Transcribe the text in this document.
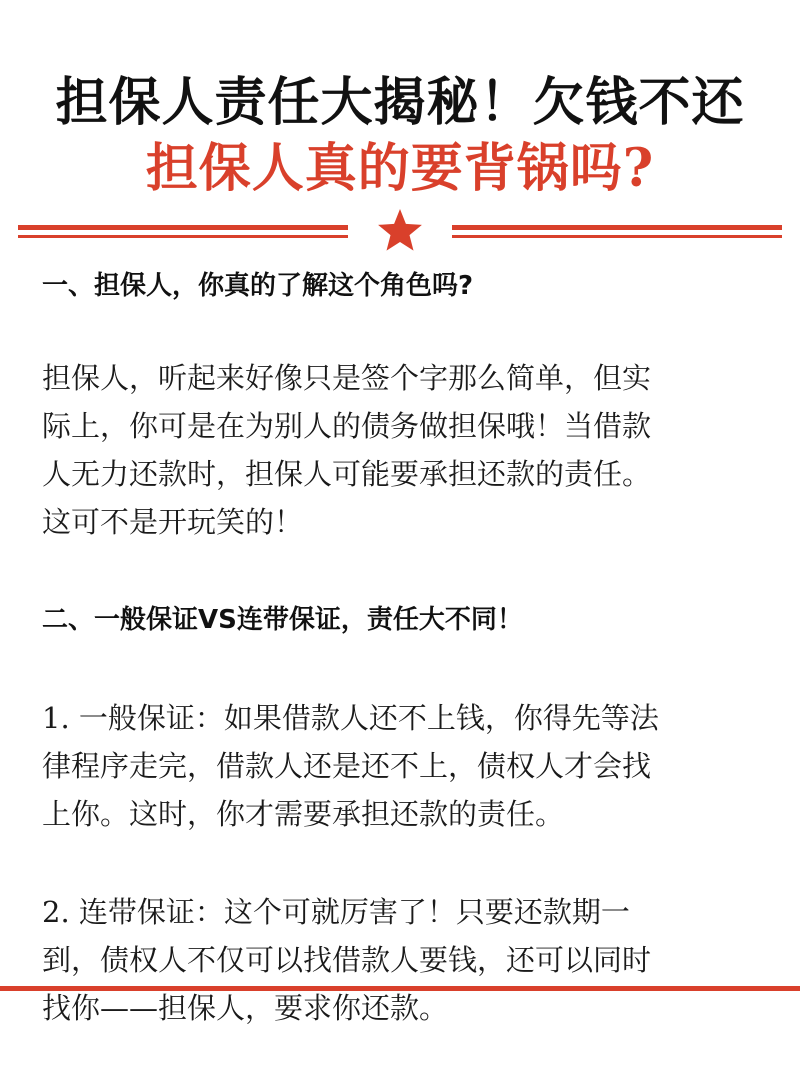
担保人责任大揭秘！欠钱不还
担保人真的要背锅吗?
一、担保人，你真的了解这个角色吗?
担保人，听起来好像只是签个字那么简单，但实
际上，你可是在为别人的债务做担保哦！当借款
人无力还款时，担保人可能要承担还款的责任。
这可不是开玩笑的！
二、一般保证VS连带保证，责任大不同！
1. 一般保证：如果借款人还不上钱，你得先等法
律程序走完，借款人还是还不上，债权人才会找
上你。这时，你才需要承担还款的责任。
2. 连带保证：这个可就厉害了！只要还款期一
到，债权人不仅可以找借款人要钱，还可以同时
找你——担保人，要求你还款。
